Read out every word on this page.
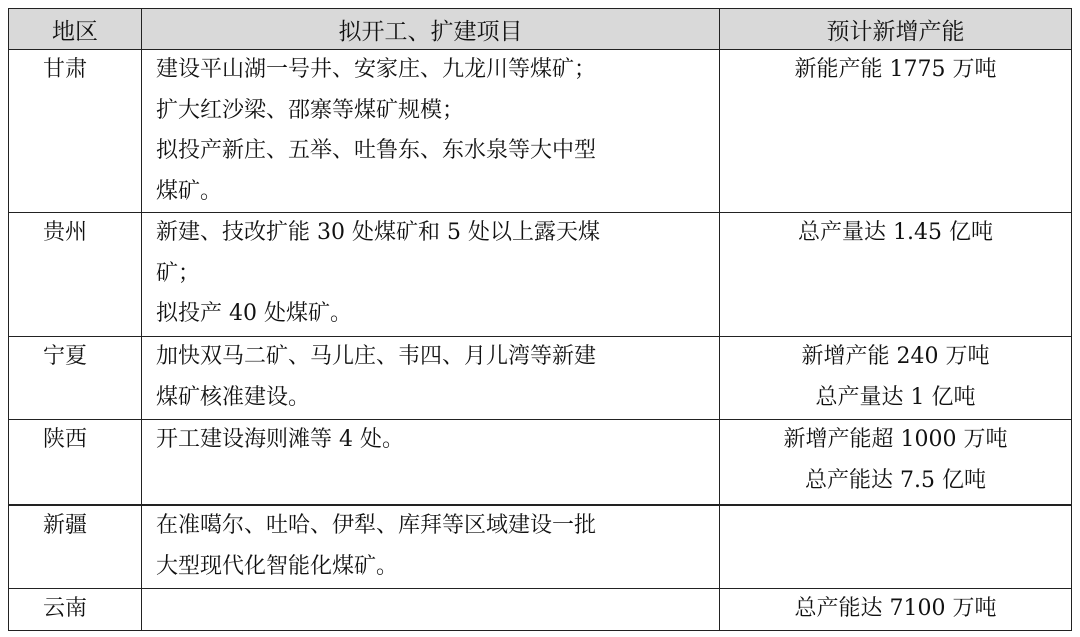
地区	拟开工、扩建项目	预计新增产能
甘肃	建设平山湖一号井、安家庄、九龙川等煤矿；
扩大红沙梁、邵寨等煤矿规模；
拟投产新庄、五举、吐鲁东、东水泉等大中型
煤矿。	新能产能 1775 万吨

贵州	新建、技改扩能 30 处煤矿和 5 处以上露天煤
矿；
拟投产 40 处煤矿。	总产量达 1.45 亿吨

宁夏	加快双马二矿、马儿庄、韦四、月儿湾等新建
煤矿核准建设。	新增产能 240 万吨
总产量达 1 亿吨

陕西	开工建设海则滩等 4 处。	新增产能超 1000 万吨
总产能达 7.5 亿吨

新疆	在准噶尔、吐哈、伊犁、库拜等区域建设一批
大型现代化智能化煤矿。	

云南		总产能达 7100 万吨
